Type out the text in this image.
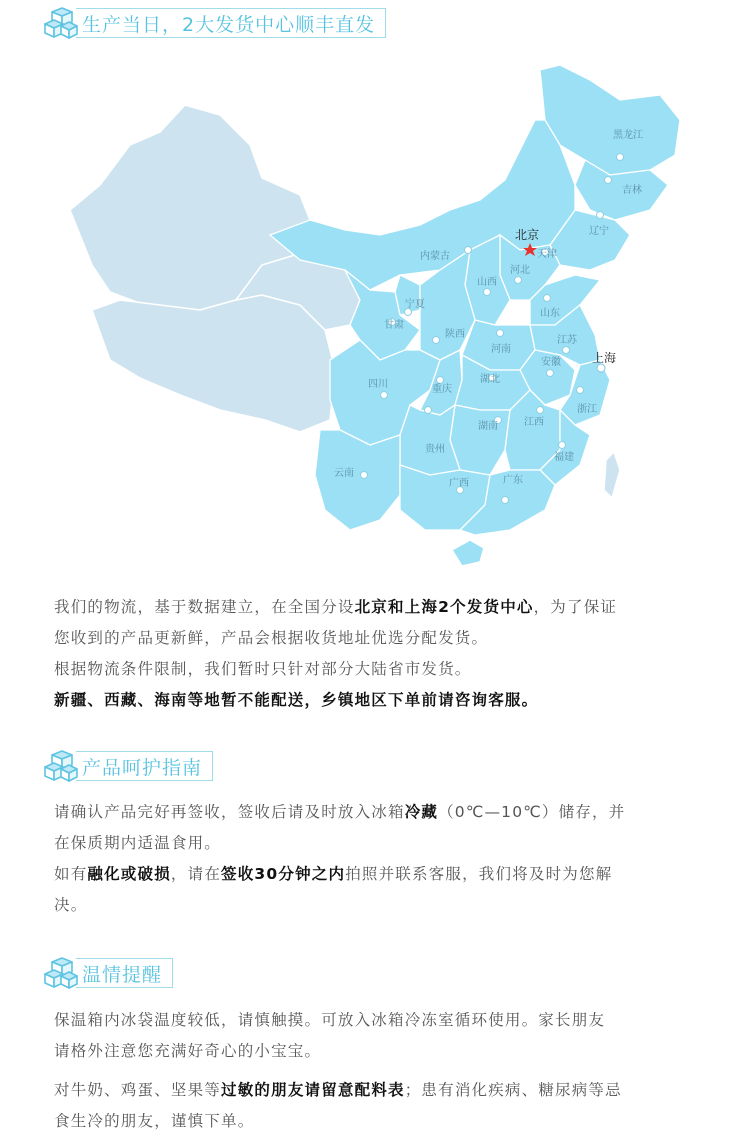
生产当日，2大发货中心顺丰直发
黑龙江
吉林
辽宁
天津
内蒙古
河北
山西
山东
宁夏
甘肃
陕西
河南
江苏
安徽
四川	重庆
湖北
浙江
湖南	江西
贵州
福建
云南
广西	广东
北京
上海

我们的物流，基于数据建立，在全国分设北京和上海2个发货中心，为了保证

您收到的产品更新鲜，产品会根据收货地址优选分配发货。

根据物流条件限制，我们暂时只针对部分大陆省市发货。

新疆、西藏、海南等地暂不能配送，乡镇地区下单前请咨询客服。

产品呵护指南

请确认产品完好再签收，签收后请及时放入冰箱冷藏（0℃—10℃）储存，并

在保质期内适温食用。

如有融化或破损，请在签收30分钟之内拍照并联系客服，我们将及时为您解

决。

温情提醒

保温箱内冰袋温度较低，请慎触摸。可放入冰箱冷冻室循环使用。家长朋友

请格外注意您充满好奇心的小宝宝。

对牛奶、鸡蛋、坚果等过敏的朋友请留意配料表；患有消化疾病、糖尿病等忌

食生冷的朋友，谨慎下单。
